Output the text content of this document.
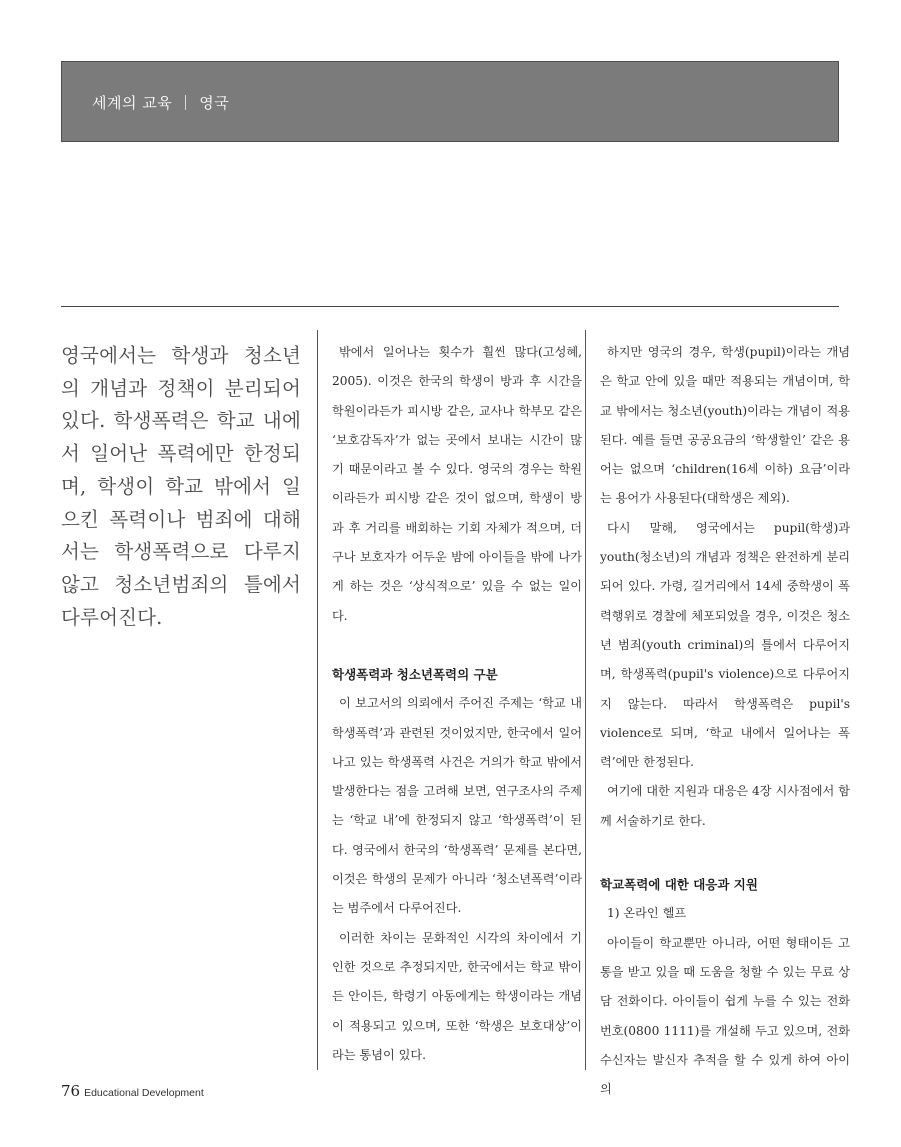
세계의 교육 영국

영국에서는 학생과 청소년의 개념과 정책이 분리되어 있다. 학생폭력은 학교 내에서 일어난 폭력에만 한정되며, 학생이 학교 밖에서 일으킨 폭력이나 범죄에 대해서는 학생폭력으로 다루지 않고 청소년범죄의 틀에서 다루어진다.

밖에서 일어나는 횟수가 훨씬 많다(고성혜, 2005). 이것은 한국의 학생이 방과 후 시간을 학원이라든가 피시방 같은, 교사나 학부모 같은 ‘보호감독자’가 없는 곳에서 보내는 시간이 많기 때문이라고 볼 수 있다. 영국의 경우는 학원이라든가 피시방 같은 것이 없으며, 학생이 방과 후 거리를 배회하는 기회 자체가 적으며, 더구나 보호자가 어두운 밤에 아이들을 밖에 나가게 하는 것은 ‘상식적으로’ 있을 수 없는 일이다.

학생폭력과 청소년폭력의 구분

이 보고서의 의뢰에서 주어진 주제는 ‘학교 내 학생폭력’과 관련된 것이었지만, 한국에서 일어나고 있는 학생폭력 사건은 거의가 학교 밖에서 발생한다는 점을 고려해 보면, 연구조사의 주제는 ‘학교 내’에 한정되지 않고 ‘학생폭력’이 된다. 영국에서 한국의 ‘학생폭력’ 문제를 본다면, 이것은 학생의 문제가 아니라 ‘청소년폭력’이라는 범주에서 다루어진다.

이러한 차이는 문화적인 시각의 차이에서 기인한 것으로 추정되지만, 한국에서는 학교 밖이든 안이든, 학령기 아동에게는 학생이라는 개념이 적용되고 있으며, 또한 ‘학생은 보호대상’이라는 통념이 있다.

하지만 영국의 경우, 학생(pupil)이라는 개념은 학교 안에 있을 때만 적용되는 개념이며, 학교 밖에서는 청소년(youth)이라는 개념이 적용된다. 예를 들면 공공요금의 ‘학생할인’ 같은 용어는 없으며 ‘children(16세 이하) 요금’이라는 용어가 사용된다(대학생은 제외).

다시 말해, 영국에서는 pupil(학생)과 youth(청소년)의 개념과 정책은 완전하게 분리되어 있다. 가령, 길거리에서 14세 중학생이 폭력행위로 경찰에 체포되었을 경우, 이것은 청소년 범죄(youth criminal)의 틀에서 다루어지며, 학생폭력(pupil's violence)으로 다루어지지 않는다. 따라서 학생폭력은 pupil's violence로 되며, ‘학교 내에서 일어나는 폭력’에만 한정된다.

여기에 대한 지원과 대응은 4장 시사점에서 함께 서술하기로 한다.

학교폭력에 대한 대응과 지원

1) 온라인 헬프

아이들이 학교뿐만 아니라, 어떤 형태이든 고통을 받고 있을 때 도움을 청할 수 있는 무료 상담 전화이다. 아이들이 쉽게 누를 수 있는 전화번호(0800 1111)를 개설해 두고 있으며, 전화 수신자는 발신자 추적을 할 수 있게 하여 아이의

76 Educational Development
